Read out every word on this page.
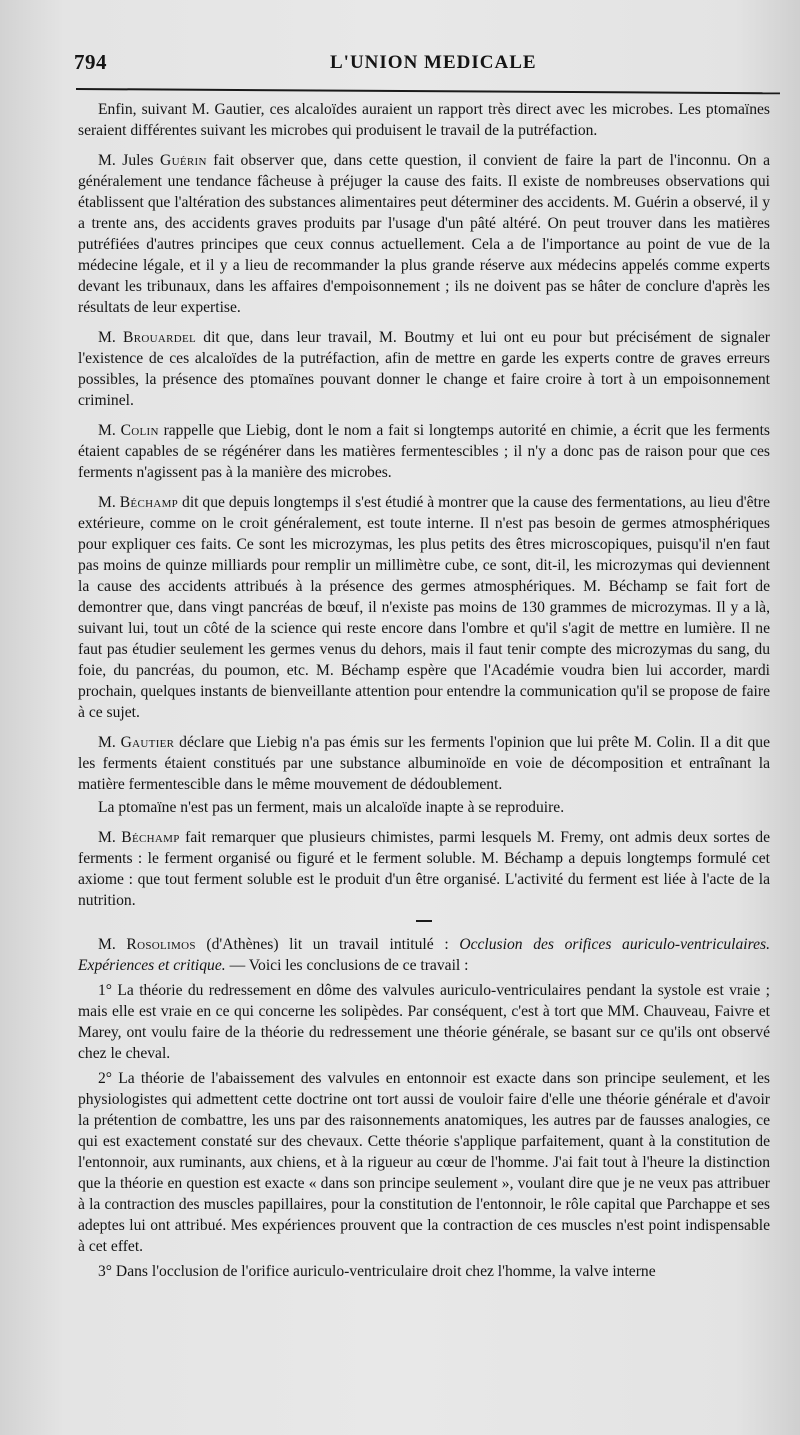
794	L'UNION MEDICALE

Enfin, suivant M. Gautier, ces alcaloïdes auraient un rapport très direct avec les microbes. Les ptomaïnes seraient différentes suivant les microbes qui produisent le travail de la putréfaction.

M. Jules Guérin fait observer que, dans cette question, il convient de faire la part de l'inconnu. On a généralement une tendance fâcheuse à préjuger la cause des faits. Il existe de nombreuses observations qui établissent que l'altération des substances alimentaires peut déterminer des accidents. M. Guérin a observé, il y a trente ans, des accidents graves produits par l'usage d'un pâté altéré. On peut trouver dans les matières putréfiées d'autres principes que ceux connus actuellement. Cela a de l'importance au point de vue de la médecine légale, et il y a lieu de recommander la plus grande réserve aux médecins appelés comme experts devant les tribunaux, dans les affaires d'empoisonnement ; ils ne doivent pas se hâter de conclure d'après les résultats de leur expertise.

M. Brouardel dit que, dans leur travail, M. Boutmy et lui ont eu pour but précisément de signaler l'existence de ces alcaloïdes de la putréfaction, afin de mettre en garde les experts contre de graves erreurs possibles, la présence des ptomaïnes pouvant donner le change et faire croire à tort à un empoisonnement criminel.

M. Colin rappelle que Liebig, dont le nom a fait si longtemps autorité en chimie, a écrit que les ferments étaient capables de se régénérer dans les matières fermentescibles ; il n'y a donc pas de raison pour que ces ferments n'agissent pas à la manière des microbes.

M. Béchamp dit que depuis longtemps il s'est étudié à montrer que la cause des fermentations, au lieu d'être extérieure, comme on le croit généralement, est toute interne. Il n'est pas besoin de germes atmosphériques pour expliquer ces faits. Ce sont les microzymas, les plus petits des êtres microscopiques, puisqu'il n'en faut pas moins de quinze milliards pour remplir un millimètre cube, ce sont, dit-il, les microzymas qui deviennent la cause des accidents attribués à la présence des germes atmosphériques. M. Béchamp se fait fort de demontrer que, dans vingt pancréas de bœuf, il n'existe pas moins de 130 grammes de microzymas. Il y a là, suivant lui, tout un côté de la science qui reste encore dans l'ombre et qu'il s'agit de mettre en lumière. Il ne faut pas étudier seulement les germes venus du dehors, mais il faut tenir compte des microzymas du sang, du foie, du pancréas, du poumon, etc. M. Béchamp espère que l'Académie voudra bien lui accorder, mardi prochain, quelques instants de bienveillante attention pour entendre la communication qu'il se propose de faire à ce sujet.

M. Gautier déclare que Liebig n'a pas émis sur les ferments l'opinion que lui prête M. Colin. Il a dit que les ferments étaient constitués par une substance albuminoïde en voie de décomposition et entraînant la matière fermentescible dans le même mouvement de dédoublement.

La ptomaïne n'est pas un ferment, mais un alcaloïde inapte à se reproduire.

M. Béchamp fait remarquer que plusieurs chimistes, parmi lesquels M. Fremy, ont admis deux sortes de ferments : le ferment organisé ou figuré et le ferment soluble. M. Béchamp a depuis longtemps formulé cet axiome : que tout ferment soluble est le produit d'un être organisé. L'activité du ferment est liée à l'acte de la nutrition.

M. Rosolimos (d'Athènes) lit un travail intitulé : Occlusion des orifices auriculo-ventriculaires. Expériences et critique. — Voici les conclusions de ce travail :

1° La théorie du redressement en dôme des valvules auriculo-ventriculaires pendant la systole est vraie ; mais elle est vraie en ce qui concerne les solipèdes. Par conséquent, c'est à tort que MM. Chauveau, Faivre et Marey, ont voulu faire de la théorie du redressement une théorie générale, se basant sur ce qu'ils ont observé chez le cheval.

2° La théorie de l'abaissement des valvules en entonnoir est exacte dans son principe seulement, et les physiologistes qui admettent cette doctrine ont tort aussi de vouloir faire d'elle une théorie générale et d'avoir la prétention de combattre, les uns par des raisonnements anatomiques, les autres par de fausses analogies, ce qui est exactement constaté sur des chevaux. Cette théorie s'applique parfaitement, quant à la constitution de l'entonnoir, aux ruminants, aux chiens, et à la rigueur au cœur de l'homme. J'ai fait tout à l'heure la distinction que la théorie en question est exacte « dans son principe seulement », voulant dire que je ne veux pas attribuer à la contraction des muscles papillaires, pour la constitution de l'entonnoir, le rôle capital que Parchappe et ses adeptes lui ont attribué. Mes expériences prouvent que la contraction de ces muscles n'est point indispensable à cet effet.

3° Dans l'occlusion de l'orifice auriculo-ventriculaire droit chez l'homme, la valve interne
